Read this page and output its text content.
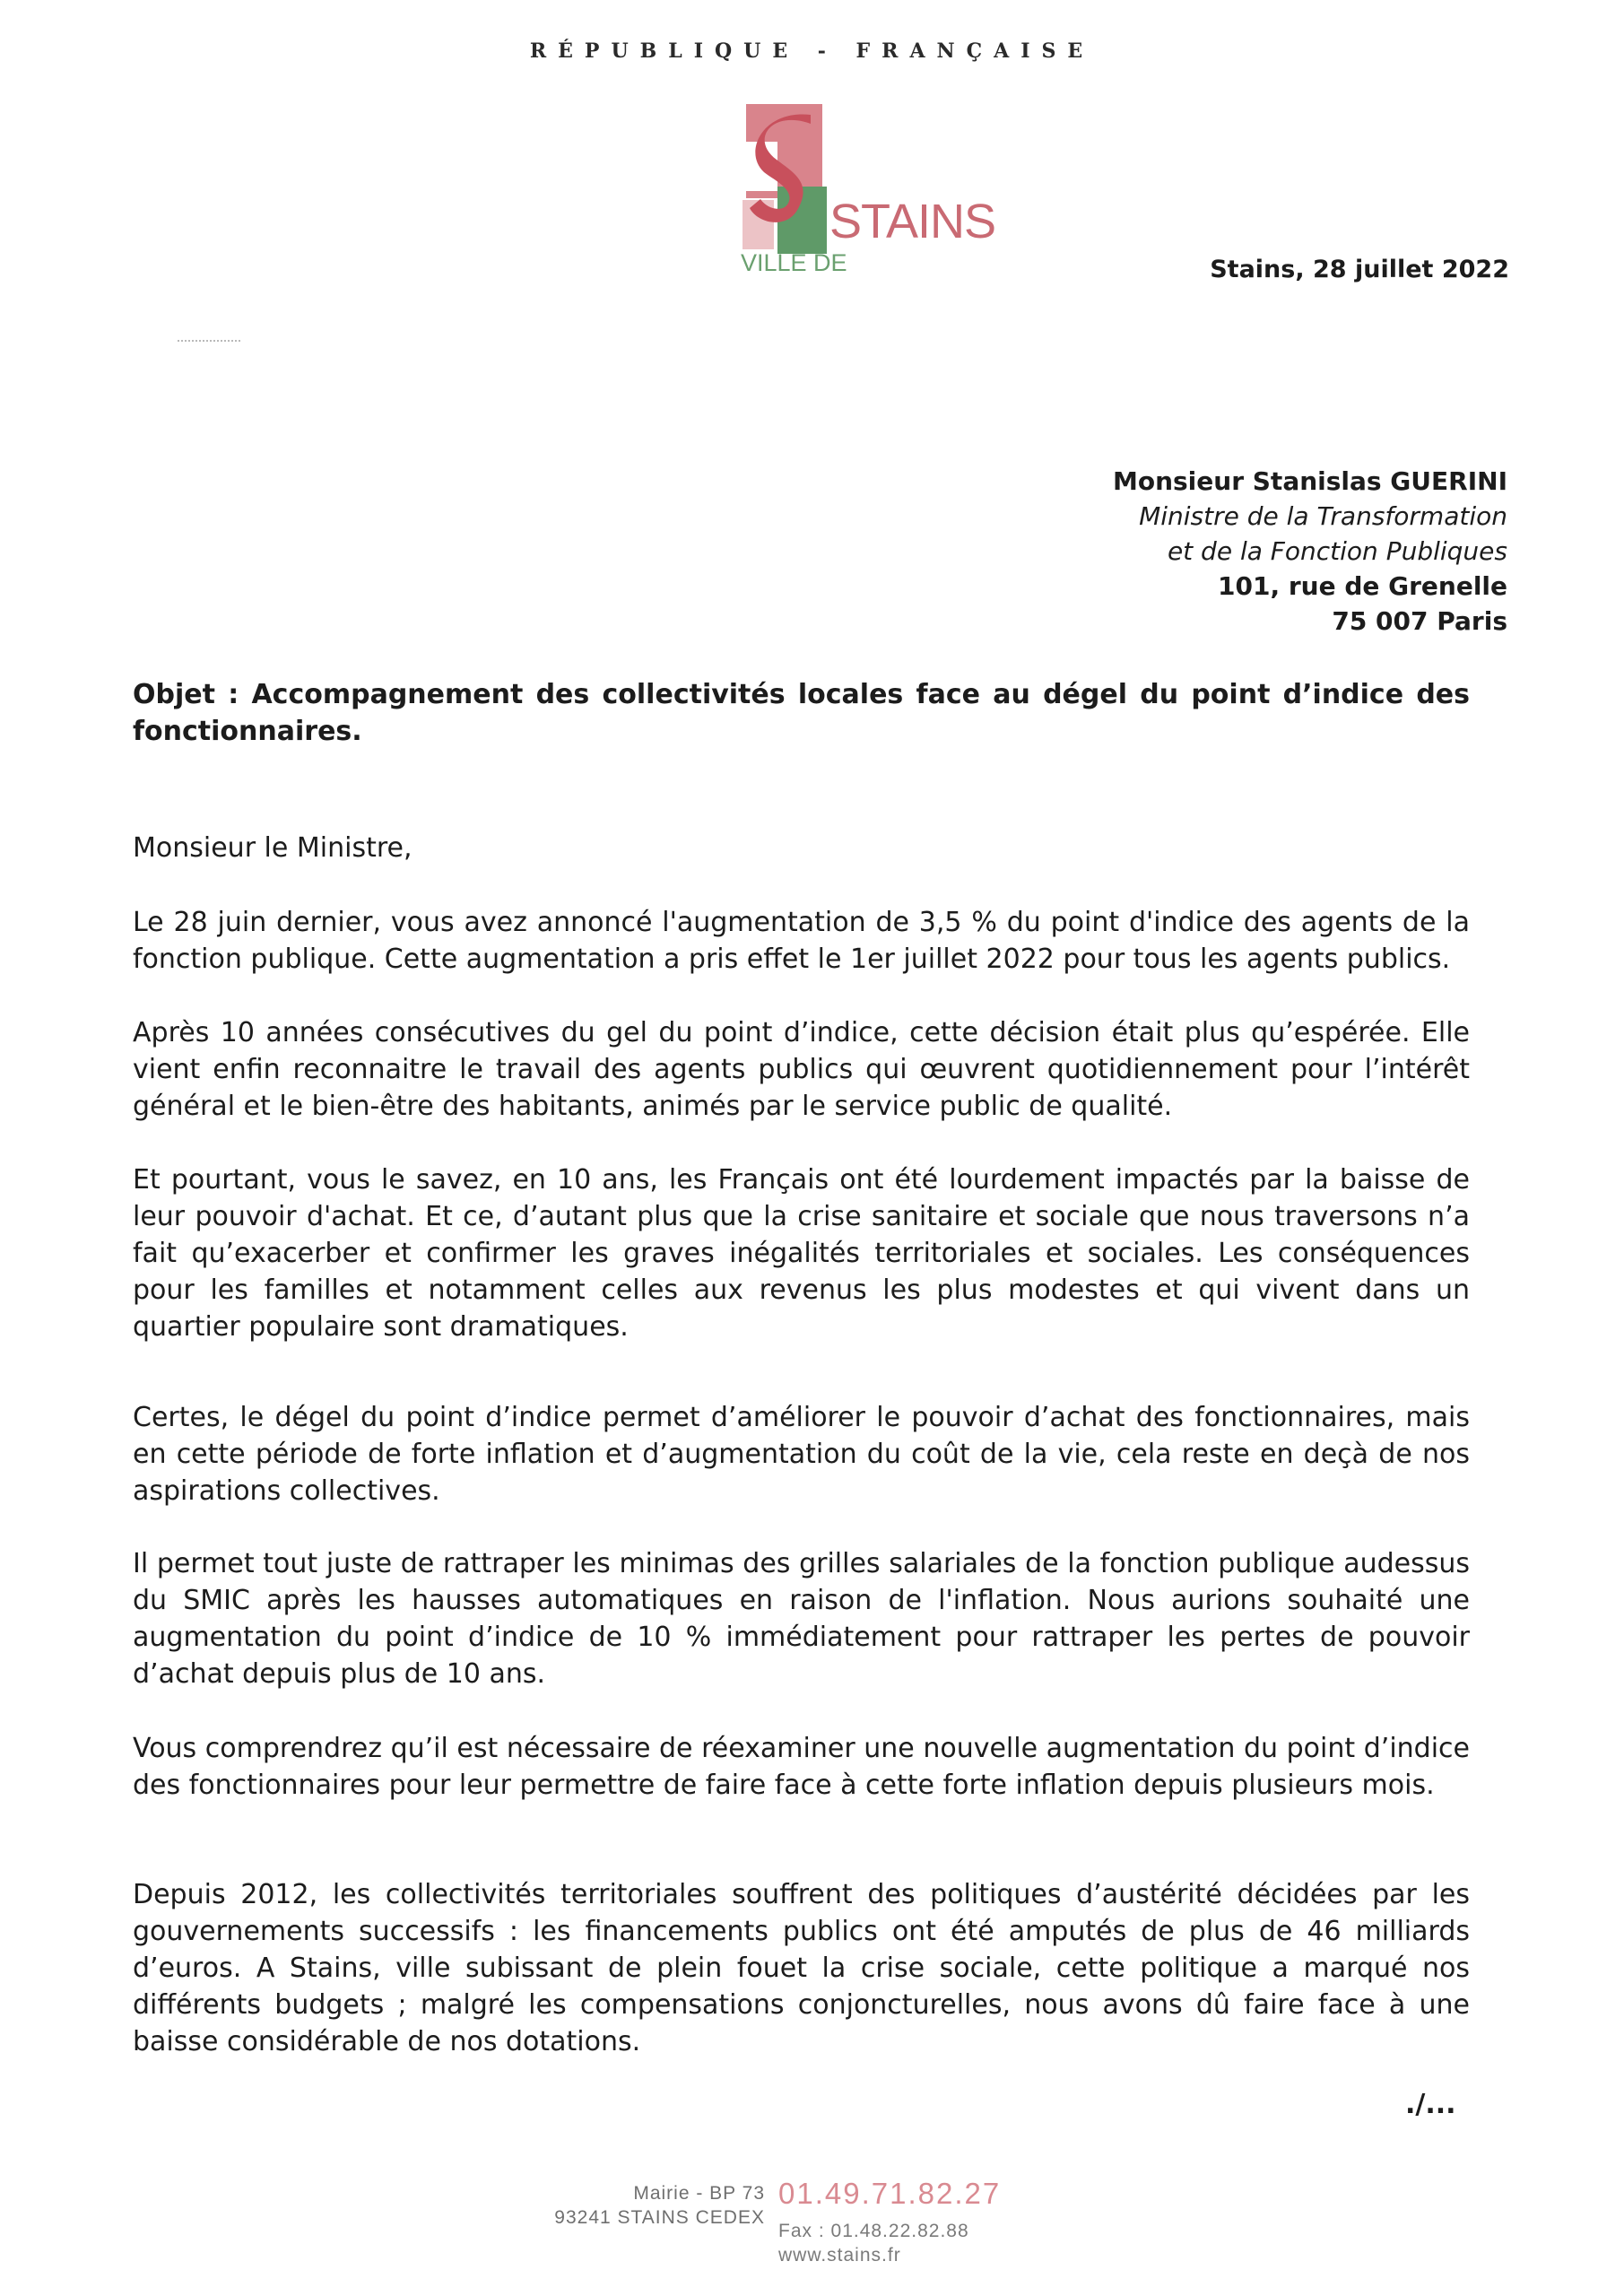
RÉPUBLIQUE - FRANÇAISE
STAINS
VILLE DE	Stains, 28 juillet 2022
Monsieur Stanislas GUERINI
Ministre de la Transformation
et de la Fonction Publiques
101, rue de Grenelle
75 007 Paris
Objet : Accompagnement des collectivités locales face au dégel du point d’indice des fonctionnaires.
Monsieur le Ministre,
Le 28 juin dernier, vous avez annoncé l'augmentation de 3,5 % du point d'indice des agents de la fonction publique. Cette augmentation a pris effet le 1er juillet 2022 pour tous les agents publics.
Après 10 années consécutives du gel du point d’indice, cette décision était plus qu’espérée. Elle vient enfin reconnaitre le travail des agents publics qui œuvrent quotidiennement pour l’intérêt général et le bien-être des habitants, animés par le service public de qualité.
Et pourtant, vous le savez, en 10 ans, les Français ont été lourdement impactés par la baisse de leur pouvoir d'achat. Et ce, d’autant plus que la crise sanitaire et sociale que nous traversons n’a fait qu’exacerber et confirmer les graves inégalités territoriales et sociales. Les conséquences pour les familles et notamment celles aux revenus les plus modestes et qui vivent dans un quartier populaire sont dramatiques.
Certes, le dégel du point d’indice permet d’améliorer le pouvoir d’achat des fonctionnaires, mais en cette période de forte inflation et d’augmentation du coût de la vie, cela reste en deçà de nos aspirations collectives.
Il permet tout juste de rattraper les minimas des grilles salariales de la fonction publique audessus du SMIC après les hausses automatiques en raison de l'inflation. Nous aurions souhaité une augmentation du point d’indice de 10 % immédiatement pour rattraper les pertes de pouvoir d’achat depuis plus de 10 ans.
Vous comprendrez qu’il est nécessaire de réexaminer une nouvelle augmentation du point d’indice des fonctionnaires pour leur permettre de faire face à cette forte inflation depuis plusieurs mois.
Depuis 2012, les collectivités territoriales souffrent des politiques d’austérité décidées par les gouvernements successifs : les financements publics ont été amputés de plus de 46 milliards d’euros. A Stains, ville subissant de plein fouet la crise sociale, cette politique a marqué nos différents budgets ; malgré les compensations conjoncturelles, nous avons dû faire face à une baisse considérable de nos dotations.
./...
Mairie - BP 73
93241 STAINS CEDEX
01.49.71.82.27
Fax : 01.48.22.82.88
www.stains.fr
